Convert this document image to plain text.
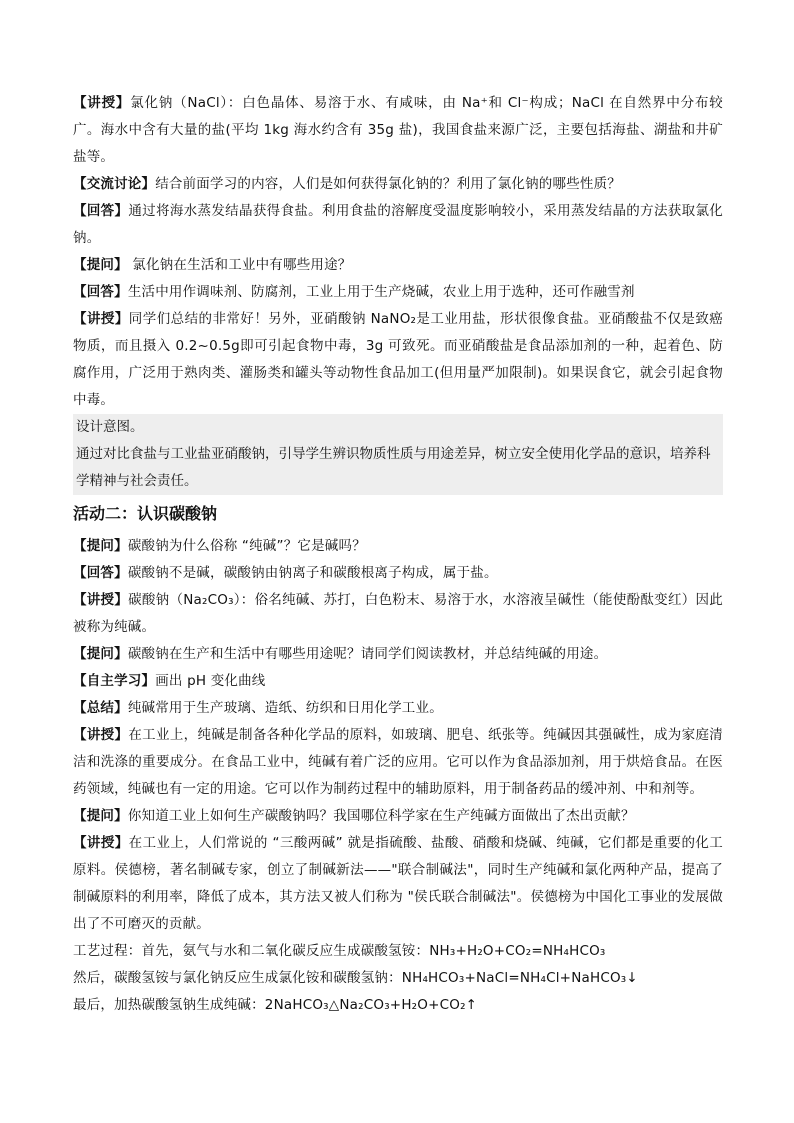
【讲授】氯化钠（NaCl）：白色晶体、易溶于水、有咸味，由 Na⁺和 Cl⁻构成；NaCl 在自然界中分布较广。海水中含有大量的盐(平均 1kg 海水约含有 35g 盐)，我国食盐来源广泛，主要包括海盐、湖盐和井矿盐等。

【交流讨论】结合前面学习的内容，人们是如何获得氯化钠的？利用了氯化钠的哪些性质？

【回答】通过将海水蒸发结晶获得食盐。利用食盐的溶解度受温度影响较小，采用蒸发结晶的方法获取氯化钠。

【提问】 氯化钠在生活和工业中有哪些用途？

【回答】生活中用作调味剂、防腐剂，工业上用于生产烧碱，农业上用于选种，还可作融雪剂

【讲授】同学们总结的非常好！另外，亚硝酸钠 NaNO₂是工业用盐，形状很像食盐。亚硝酸盐不仅是致癌物质，而且摄入 0.2~0.5g即可引起食物中毒，3g 可致死。而亚硝酸盐是食品添加剂的一种，起着色、防腐作用，广泛用于熟肉类、灌肠类和罐头等动物性食品加工(但用量严加限制)。如果误食它，就会引起食物中毒。

设计意图。
通过对比食盐与工业盐亚硝酸钠，引导学生辨识物质性质与用途差异，树立安全使用化学品的意识，培养科学精神与社会责任。
活动二：认识碳酸钠

【提问】碳酸钠为什么俗称 “纯碱”？它是碱吗？

【回答】碳酸钠不是碱，碳酸钠由钠离子和碳酸根离子构成，属于盐。

【讲授】碳酸钠（Na₂CO₃）：俗名纯碱、苏打，白色粉末、易溶于水，水溶液呈碱性（能使酚酞变红）因此被称为纯碱。

【提问】碳酸钠在生产和生活中有哪些用途呢？请同学们阅读教材，并总结纯碱的用途。

【自主学习】画出 pH 变化曲线

【总结】纯碱常用于生产玻璃、造纸、纺织和日用化学工业。

【讲授】在工业上，纯碱是制备各种化学品的原料，如玻璃、肥皂、纸张等。纯碱因其强碱性，成为家庭清洁和洗涤的重要成分。在食品工业中，纯碱有着广泛的应用。它可以作为食品添加剂，用于烘焙食品。在医药领域，纯碱也有一定的用途。它可以作为制药过程中的辅助原料，用于制备药品的缓冲剂、中和剂等。

【提问】你知道工业上如何生产碳酸钠吗？我国哪位科学家在生产纯碱方面做出了杰出贡献？

【讲授】在工业上，人们常说的 “三酸两碱” 就是指硫酸、盐酸、硝酸和烧碱、纯碱，它们都是重要的化工原料。侯德榜，著名制碱专家，创立了制碱新法——"联合制碱法"，同时生产纯碱和氯化两种产品，提高了制碱原料的利用率，降低了成本，其方法又被人们称为 "侯氏联合制碱法"。侯德榜为中国化工事业的发展做出了不可磨灭的贡献。

工艺过程：首先，氨气与水和二氧化碳反应生成碳酸氢铵：NH₃+H₂O+CO₂=NH₄HCO₃

然后，碳酸氢铵与氯化钠反应生成氯化铵和碳酸氢钠：NH₄HCO₃+NaCl=NH₄Cl+NaHCO₃↓

最后，加热碳酸氢钠生成纯碱：2NaHCO₃△Na₂CO₃+H₂O+CO₂↑
